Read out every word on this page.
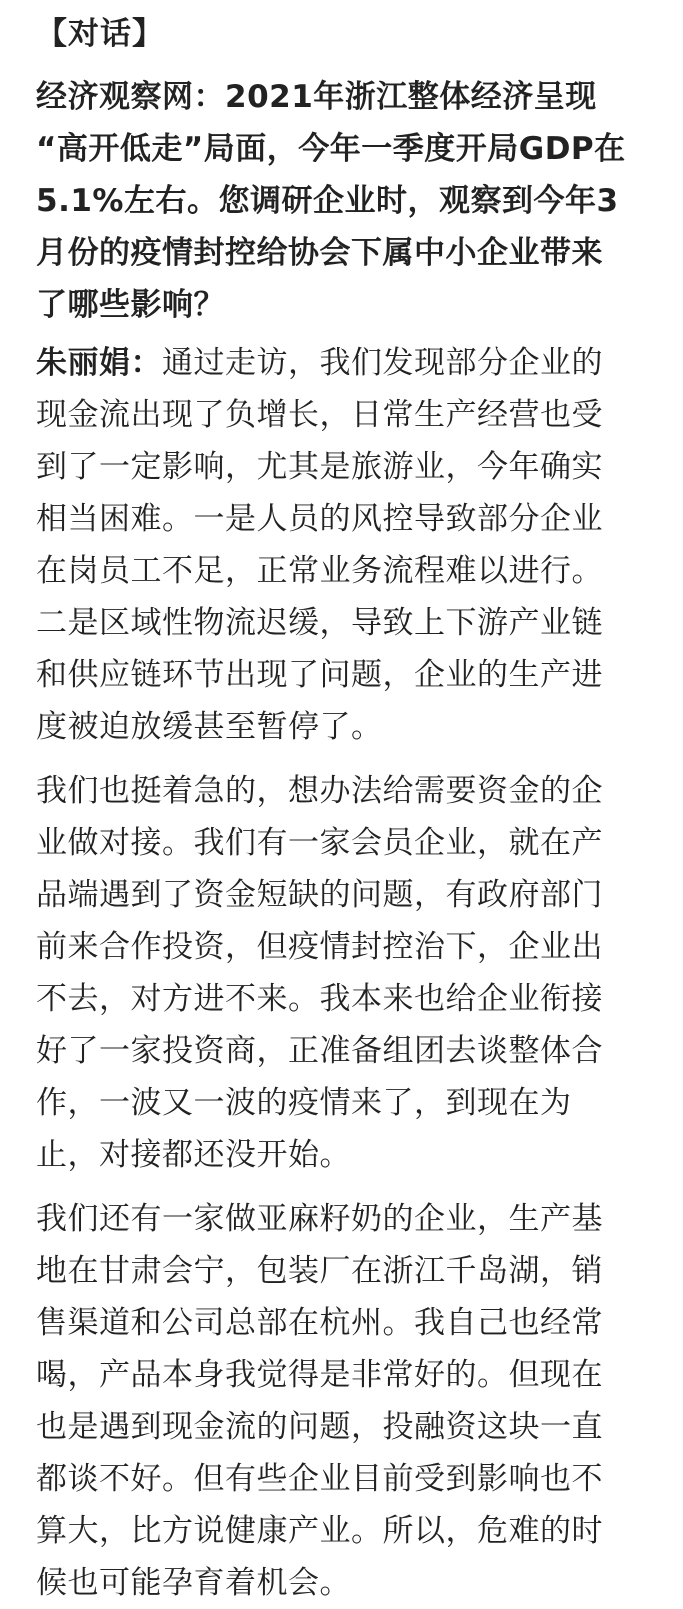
【对话】
经济观察网：2021年浙江整体经济呈现
“高开低走”局面，今年一季度开局GDP在
5.1%左右。您调研企业时，观察到今年3
月份的疫情封控给协会下属中小企业带来
了哪些影响？
朱丽娟：通过走访，我们发现部分企业的
现金流出现了负增长，日常生产经营也受
到了一定影响，尤其是旅游业，今年确实
相当困难。一是人员的风控导致部分企业
在岗员工不足，正常业务流程难以进行。
二是区域性物流迟缓，导致上下游产业链
和供应链环节出现了问题，企业的生产进
度被迫放缓甚至暂停了。
我们也挺着急的，想办法给需要资金的企
业做对接。我们有一家会员企业，就在产
品端遇到了资金短缺的问题，有政府部门
前来合作投资，但疫情封控治下，企业出
不去，对方进不来。我本来也给企业衔接
好了一家投资商，正准备组团去谈整体合
作，一波又一波的疫情来了，到现在为
止，对接都还没开始。
我们还有一家做亚麻籽奶的企业，生产基
地在甘肃会宁，包装厂在浙江千岛湖，销
售渠道和公司总部在杭州。我自己也经常
喝，产品本身我觉得是非常好的。但现在
也是遇到现金流的问题，投融资这块一直
都谈不好。但有些企业目前受到影响也不
算大，比方说健康产业。所以，危难的时
候也可能孕育着机会。
